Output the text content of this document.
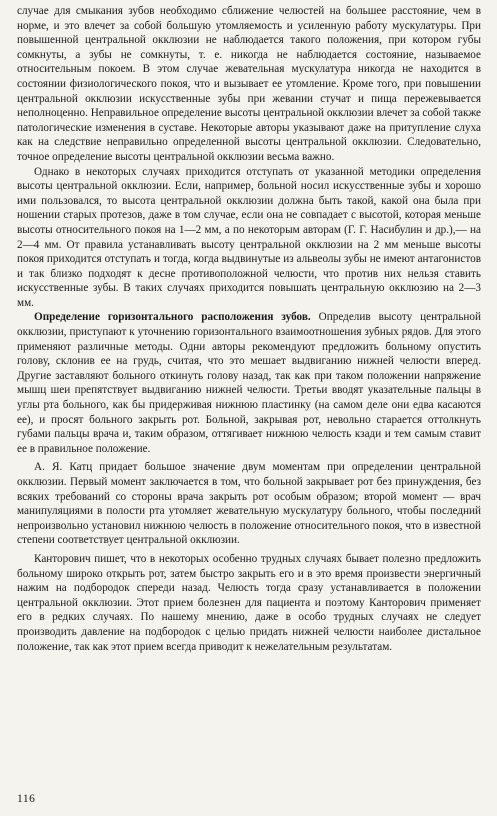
случае для смыкания зубов необходимо сближение челюстей на большее расстояние, чем в норме, и это влечет за собой большую утомляемость и усиленную работу мускулатуры. При повышенной центральной окклюзии не наблюдается такого положения, при котором губы сомкнуты, а зубы не сомкнуты, т. е. никогда не наблюдается состояние, называемое относительным покоем. В этом случае жевательная мускулатура никогда не находится в состоянии физиологического покоя, что и вызывает ее утомление. Кроме того, при повышении центральной окклюзии искусственные зубы при жевании стучат и пища пережевывается неполноценно. Неправильное определение высоты центральной окклюзии влечет за собой также патологические изменения в суставе. Некоторые авторы указывают даже на притупление слуха как на следствие неправильно определенной высоты центральной окклюзии. Следовательно, точное определение высоты центральной окклюзии весьма важно.

Однако в некоторых случаях приходится отступать от указанной методики определения высоты центральной окклюзии. Если, например, больной носил искусственные зубы и хорошо ими пользовался, то высота центральной окклюзии должна быть такой, какой она была при ношении старых протезов, даже в том случае, если она не совпадает с высотой, которая меньше высоты относительного покоя на 1—2 мм, а по некоторым авторам (Г. Г. Насибулин и др.),— на 2—4 мм. От правила устанавливать высоту центральной окклюзии на 2 мм меньше высоты покоя приходится отступать и тогда, когда выдвинутые из альвеолы зубы не имеют антагонистов и так близко подходят к десне противоположной челюсти, что против них нельзя ставить искусственные зубы. В таких случаях приходится повышать центральную окклюзию на 2—3 мм.

Определение горизонтального расположения зубов. Определив высоту центральной окклюзии, приступают к уточнению горизонтального взаимоотношения зубных рядов. Для этого применяют различные методы. Одни авторы рекомендуют предложить больному опустить голову, склонив ее на грудь, считая, что это мешает выдвиганию нижней челюсти вперед. Другие заставляют больного откинуть голову назад, так как при таком положении напряжение мышц шеи препятствует выдвиганию нижней челюсти. Третьи вводят указательные пальцы в углы рта больного, как бы придерживая нижнюю пластинку (на самом деле они едва касаются ее), и просят больного закрыть рот. Больной, закрывая рот, невольно старается оттолкнуть губами пальцы врача и, таким образом, оттягивает нижнюю челюсть кзади и тем самым ставит ее в правильное положение.

А. Я. Катц придает большое значение двум моментам при определении центральной окклюзии. Первый момент заключается в том, что больной закрывает рот без принуждения, без всяких требований со стороны врача закрыть рот особым образом; второй момент — врач манипуляциями в полости рта утомляет жевательную мускулатуру больного, чтобы последний непроизвольно установил нижнюю челюсть в положение относительного покоя, что в известной степени соответствует центральной окклюзии.

Канторович пишет, что в некоторых особенно трудных случаях бывает полезно предложить больному широко открыть рот, затем быстро закрыть его и в это время произвести энергичный нажим на подбородок спереди назад. Челюсть тогда сразу устанавливается в положении центральной окклюзии. Этот прием болезнен для пациента и поэтому Канторович применяет его в редких случаях. По нашему мнению, даже в особо трудных случаях не следует производить давление на подбородок с целью придать нижней челюсти наиболее дистальное положение, так как этот прием всегда приводит к нежелательным результатам.

116
